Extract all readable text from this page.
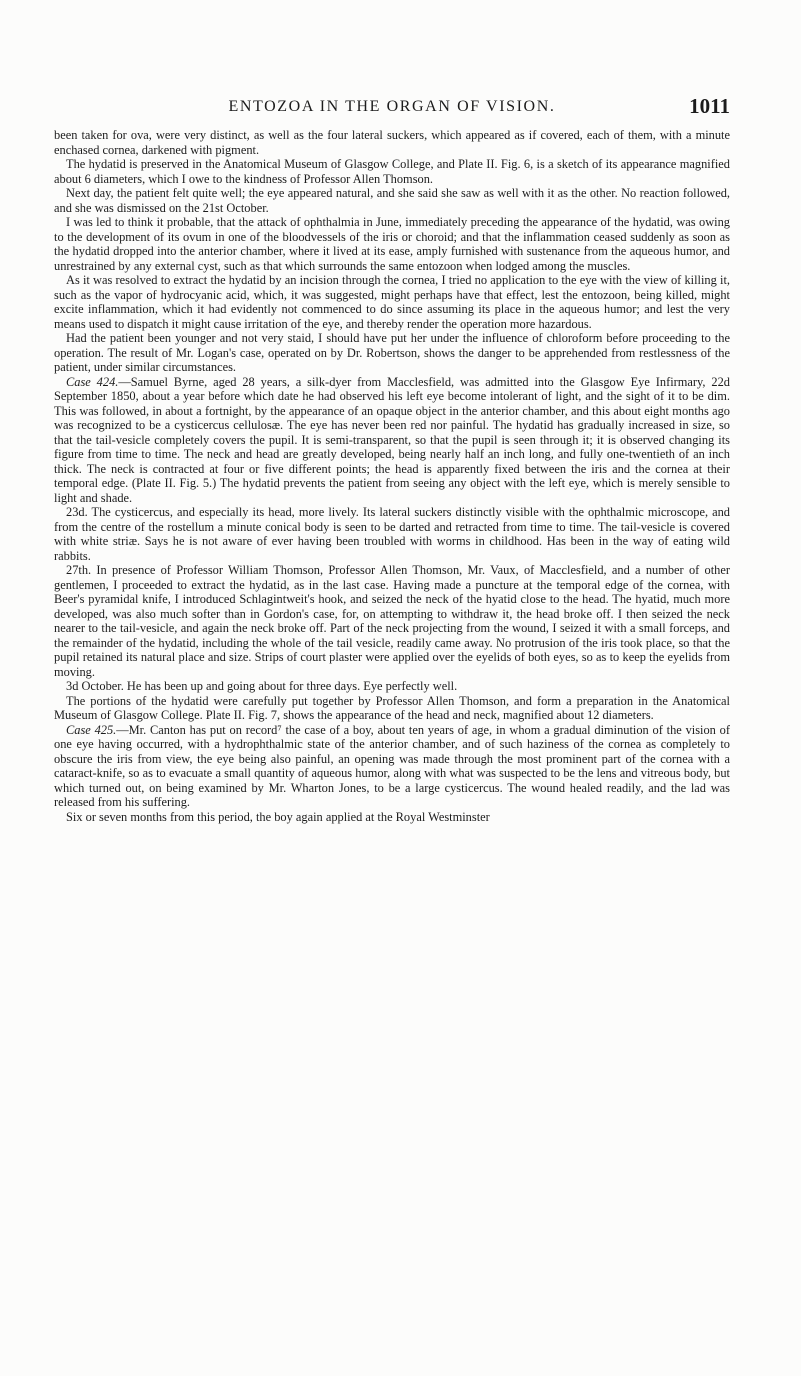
ENTOZOA IN THE ORGAN OF VISION.	1011

been taken for ova, were very distinct, as well as the four lateral suckers, which appeared as if covered, each of them, with a minute enchased cornea, darkened with pigment.

The hydatid is preserved in the Anatomical Museum of Glasgow College, and Plate II. Fig. 6, is a sketch of its appearance magnified about 6 diameters, which I owe to the kindness of Professor Allen Thomson.

Next day, the patient felt quite well; the eye appeared natural, and she said she saw as well with it as the other. No reaction followed, and she was dismissed on the 21st October.

I was led to think it probable, that the attack of ophthalmia in June, immediately preceding the appearance of the hydatid, was owing to the development of its ovum in one of the bloodvessels of the iris or choroid; and that the inflammation ceased suddenly as soon as the hydatid dropped into the anterior chamber, where it lived at its ease, amply furnished with sustenance from the aqueous humor, and unrestrained by any external cyst, such as that which surrounds the same entozoon when lodged among the muscles.

As it was resolved to extract the hydatid by an incision through the cornea, I tried no application to the eye with the view of killing it, such as the vapor of hydrocyanic acid, which, it was suggested, might perhaps have that effect, lest the entozoon, being killed, might excite inflammation, which it had evidently not commenced to do since assuming its place in the aqueous humor; and lest the very means used to dispatch it might cause irritation of the eye, and thereby render the operation more hazardous.

Had the patient been younger and not very staid, I should have put her under the influence of chloroform before proceeding to the operation. The result of Mr. Logan's case, operated on by Dr. Robertson, shows the danger to be apprehended from restlessness of the patient, under similar circumstances.

Case 424.—Samuel Byrne, aged 28 years, a silk-dyer from Macclesfield, was admitted into the Glasgow Eye Infirmary, 22d September 1850, about a year before which date he had observed his left eye become intolerant of light, and the sight of it to be dim. This was followed, in about a fortnight, by the appearance of an opaque object in the anterior chamber, and this about eight months ago was recognized to be a cysticercus cellulosæ. The eye has never been red nor painful. The hydatid has gradually increased in size, so that the tail-vesicle completely covers the pupil. It is semi-transparent, so that the pupil is seen through it; it is observed changing its figure from time to time. The neck and head are greatly developed, being nearly half an inch long, and fully one-twentieth of an inch thick. The neck is contracted at four or five different points; the head is apparently fixed between the iris and the cornea at their temporal edge. (Plate II. Fig. 5.) The hydatid prevents the patient from seeing any object with the left eye, which is merely sensible to light and shade.

23d. The cysticercus, and especially its head, more lively. Its lateral suckers distinctly visible with the ophthalmic microscope, and from the centre of the rostellum a minute conical body is seen to be darted and retracted from time to time. The tail-vesicle is covered with white striæ. Says he is not aware of ever having been troubled with worms in childhood. Has been in the way of eating wild rabbits.

27th. In presence of Professor William Thomson, Professor Allen Thomson, Mr. Vaux, of Macclesfield, and a number of other gentlemen, I proceeded to extract the hydatid, as in the last case. Having made a puncture at the temporal edge of the cornea, with Beer's pyramidal knife, I introduced Schlagintweit's hook, and seized the neck of the hyatid close to the head. The hyatid, much more developed, was also much softer than in Gordon's case, for, on attempting to withdraw it, the head broke off. I then seized the neck nearer to the tail-vesicle, and again the neck broke off. Part of the neck projecting from the wound, I seized it with a small forceps, and the remainder of the hydatid, including the whole of the tail vesicle, readily came away. No protrusion of the iris took place, so that the pupil retained its natural place and size. Strips of court plaster were applied over the eyelids of both eyes, so as to keep the eyelids from moving.

3d October. He has been up and going about for three days. Eye perfectly well.

The portions of the hydatid were carefully put together by Professor Allen Thomson, and form a preparation in the Anatomical Museum of Glasgow College. Plate II. Fig. 7, shows the appearance of the head and neck, magnified about 12 diameters.

Case 425.—Mr. Canton has put on record⁷ the case of a boy, about ten years of age, in whom a gradual diminution of the vision of one eye having occurred, with a hydrophthalmic state of the anterior chamber, and of such haziness of the cornea as completely to obscure the iris from view, the eye being also painful, an opening was made through the most prominent part of the cornea with a cataract-knife, so as to evacuate a small quantity of aqueous humor, along with what was suspected to be the lens and vitreous body, but which turned out, on being examined by Mr. Wharton Jones, to be a large cysticercus. The wound healed readily, and the lad was released from his suffering.

Six or seven months from this period, the boy again applied at the Royal Westminster
